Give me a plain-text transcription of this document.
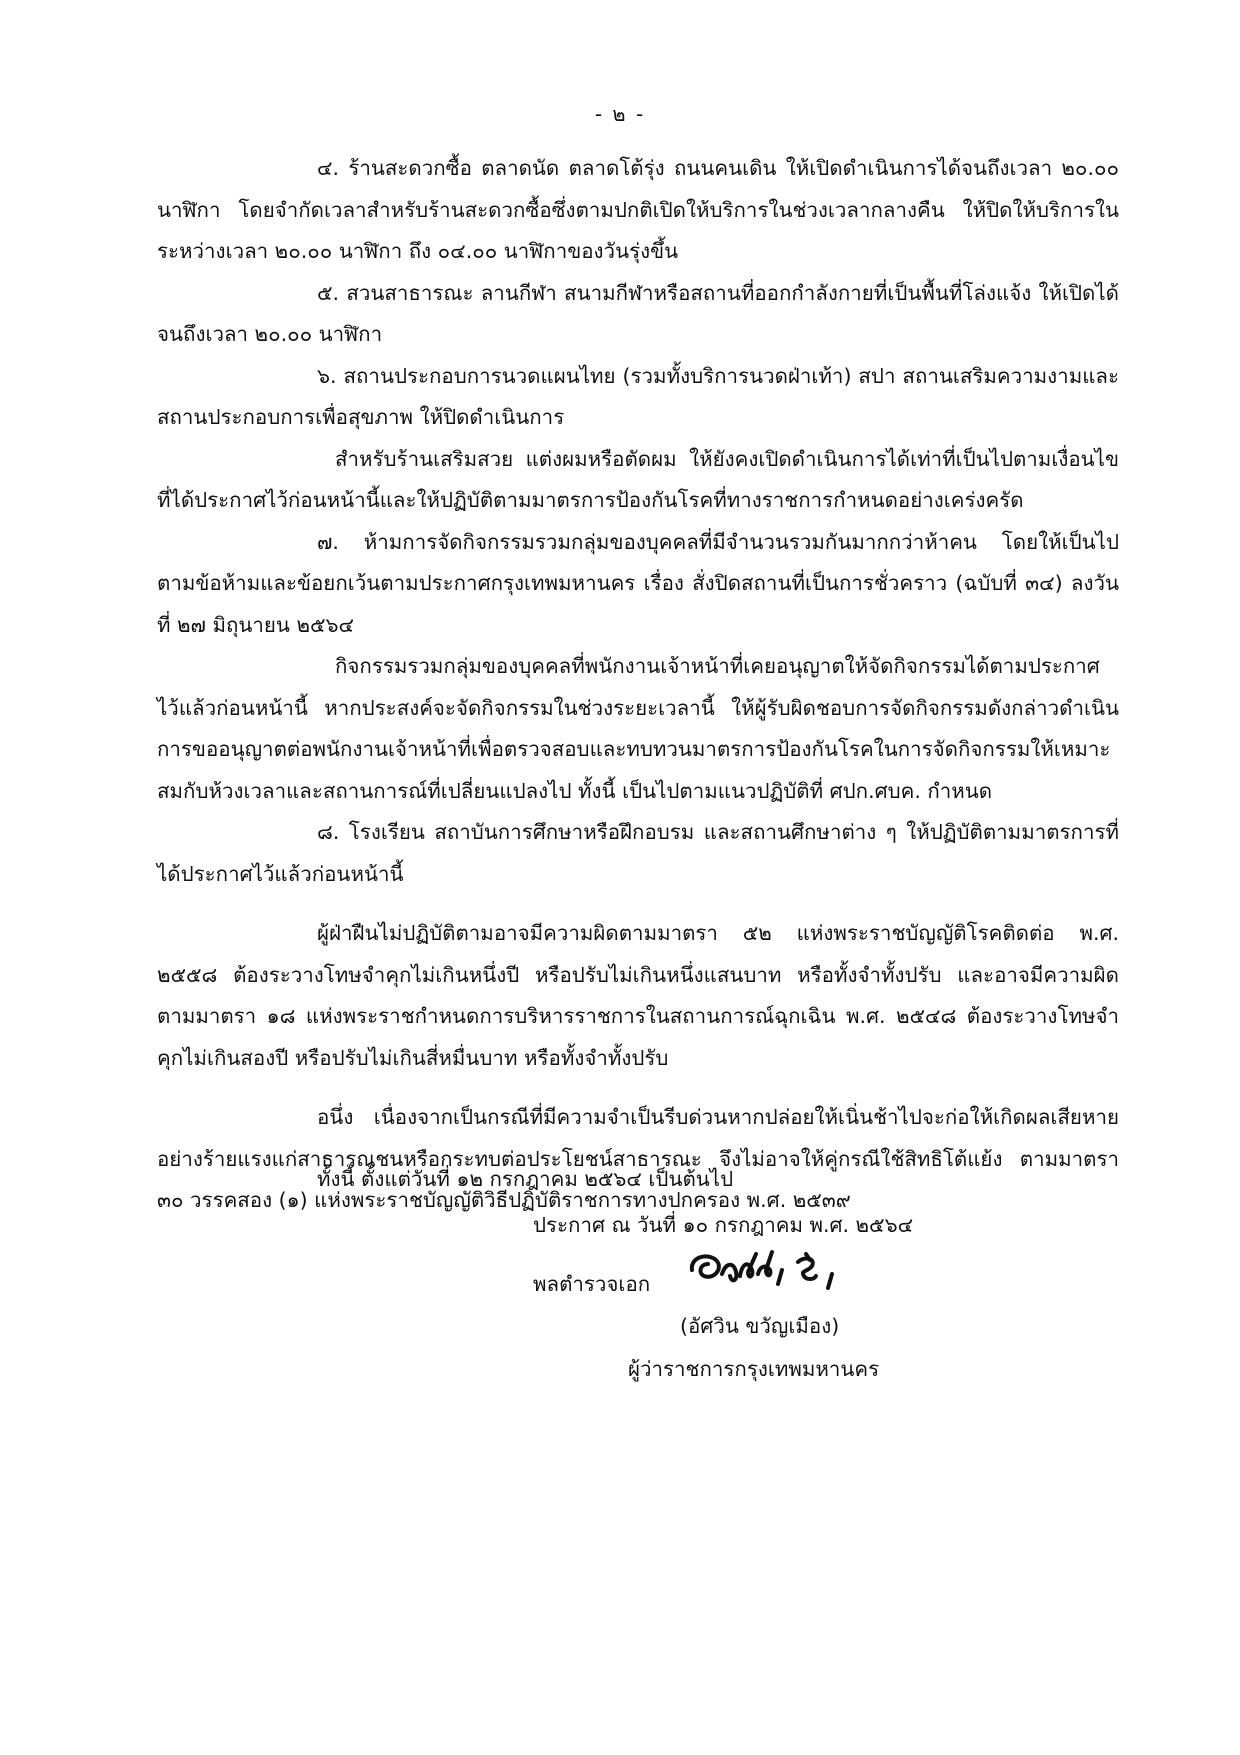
- ๒ -

๔. ร้านสะดวกซื้อ ตลาดนัด ตลาดโต้รุ่ง ถนนคนเดิน ให้เปิดดำเนินการได้จนถึงเวลา ๒๐.๐๐ นาฬิกา โดยจำกัดเวลาสำหรับร้านสะดวกซื้อซึ่งตามปกติเปิดให้บริการในช่วงเวลากลางคืน ให้ปิดให้บริการในระหว่างเวลา ๒๐.๐๐ นาฬิกา ถึง ๐๔.๐๐ นาฬิกาของวันรุ่งขึ้น

๕. สวนสาธารณะ ลานกีฬา สนามกีฬาหรือสถานที่ออกกำลังกายที่เป็นพื้นที่โล่งแจ้ง ให้เปิดได้จนถึงเวลา ๒๐.๐๐ นาฬิกา

๖. สถานประกอบการนวดแผนไทย (รวมทั้งบริการนวดฝ่าเท้า) สปา สถานเสริมความงามและสถานประกอบการเพื่อสุขภาพ ให้ปิดดำเนินการ

สำหรับร้านเสริมสวย แต่งผมหรือตัดผม ให้ยังคงเปิดดำเนินการได้เท่าที่เป็นไปตามเงื่อนไขที่ได้ประกาศไว้ก่อนหน้านี้และให้ปฏิบัติตามมาตรการป้องกันโรคที่ทางราชการกำหนดอย่างเคร่งครัด

๗. ห้ามการจัดกิจกรรมรวมกลุ่มของบุคคลที่มีจำนวนรวมกันมากกว่าห้าคน โดยให้เป็นไปตามข้อห้ามและข้อยกเว้นตามประกาศกรุงเทพมหานคร เรื่อง สั่งปิดสถานที่เป็นการชั่วคราว (ฉบับที่ ๓๔) ลงวันที่ ๒๗ มิถุนายน ๒๕๖๔

กิจกรรมรวมกลุ่มของบุคคลที่พนักงานเจ้าหน้าที่เคยอนุญาตให้จัดกิจกรรมได้ตามประกาศไว้แล้วก่อนหน้านี้ หากประสงค์จะจัดกิจกรรมในช่วงระยะเวลานี้ ให้ผู้รับผิดชอบการจัดกิจกรรมดังกล่าวดำเนินการขออนุญาตต่อพนักงานเจ้าหน้าที่เพื่อตรวจสอบและทบทวนมาตรการป้องกันโรคในการจัดกิจกรรมให้เหมาะสมกับห้วงเวลาและสถานการณ์ที่เปลี่ยนแปลงไป ทั้งนี้ เป็นไปตามแนวปฏิบัติที่ ศปก.ศบค. กำหนด

๘. โรงเรียน สถาบันการศึกษาหรือฝึกอบรม และสถานศึกษาต่าง ๆ ให้ปฏิบัติตามมาตรการที่ได้ประกาศไว้แล้วก่อนหน้านี้

ผู้ฝ่าฝืนไม่ปฏิบัติตามอาจมีความผิดตามมาตรา ๕๒ แห่งพระราชบัญญัติโรคติดต่อ พ.ศ. ๒๕๕๘ ต้องระวางโทษจำคุกไม่เกินหนึ่งปี หรือปรับไม่เกินหนึ่งแสนบาท หรือทั้งจำทั้งปรับ และอาจมีความผิดตามมาตรา ๑๘ แห่งพระราชกำหนดการบริหารราชการในสถานการณ์ฉุกเฉิน พ.ศ. ๒๕๔๘ ต้องระวางโทษจำคุกไม่เกินสองปี หรือปรับไม่เกินสี่หมื่นบาท หรือทั้งจำทั้งปรับ

อนึ่ง เนื่องจากเป็นกรณีที่มีความจำเป็นรีบด่วนหากปล่อยให้เนิ่นช้าไปจะก่อให้เกิดผลเสียหายอย่างร้ายแรงแก่สาธารณชนหรือกระทบต่อประโยชน์สาธารณะ จึงไม่อาจให้คู่กรณีใช้สิทธิโต้แย้ง ตามมาตรา ๓๐ วรรคสอง (๑) แห่งพระราชบัญญัติวิธีปฏิบัติราชการทางปกครอง พ.ศ. ๒๕๓๙

ทั้งนี้ ตั้งแต่วันที่ ๑๒ กรกฎาคม ๒๕๖๔ เป็นต้นไป
ประกาศ ณ วันที่ ๑๐ กรกฎาคม พ.ศ. ๒๕๖๔
พลตำรวจเอก
(อัศวิน ขวัญเมือง)
ผู้ว่าราชการกรุงเทพมหานคร
